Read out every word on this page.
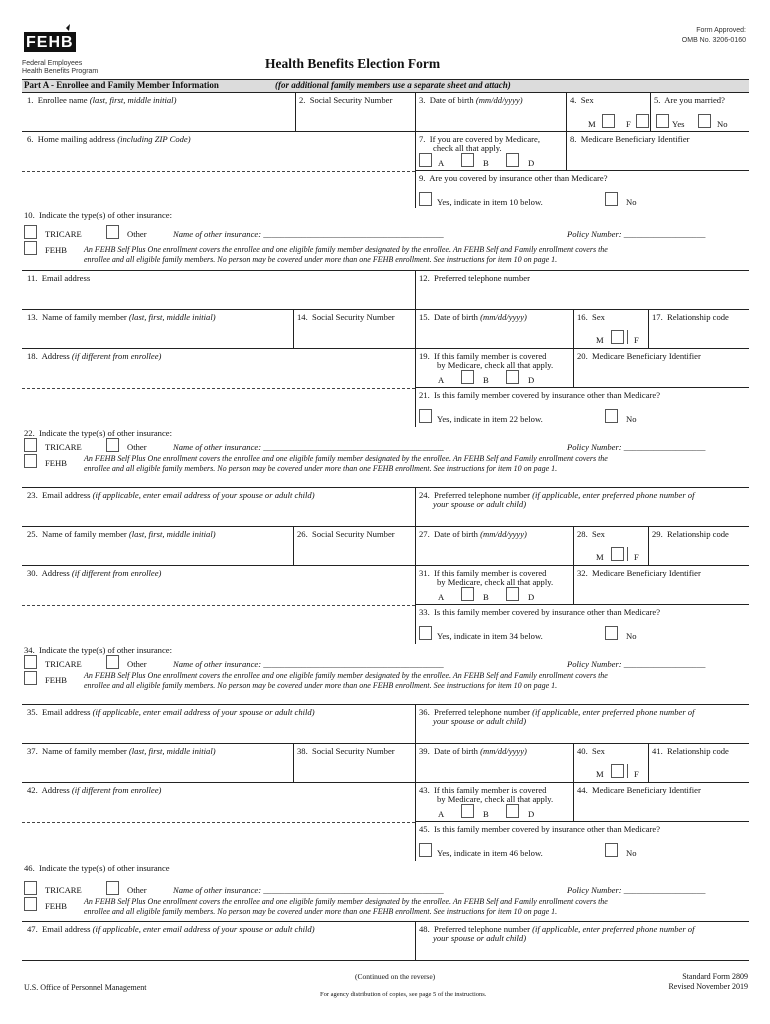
FEHB
Federal Employees
Health Benefits Program
Health Benefits Election Form
Form Approved:
OMB No. 3206-0160
Part A - Enrollee and Family Member Information	(for additional family members use a separate sheet and attach)
1. Enrollee name (last, first, middle initial)	2. Social Security Number	3. Date of birth (mm/dd/yyyy)	4. Sex	5. Are you married?
M	F	Yes	No
6. Home mailing address (including ZIP Code)	7. If you are covered by Medicare,
check all that apply.
A	B	D
8. Medicare Beneficiary Identifier
9. Are you covered by insurance other than Medicare?
Yes, indicate in item 10 below.	No
10. Indicate the type(s) of other insurance:
TRICARE	Other	Name of other insurance: __________________________________________	Policy Number: ___________________
FEHB An FEHB Self Plus One enrollment covers the enrollee and one eligible family member designated by the enrollee. An FEHB Self and Family enrollment covers the
enrollee and all eligible family members. No person may be covered under more than one FEHB enrollment. See instructions for item 10 on page 1.
11. Email address	12. Preferred telephone number
13. Name of family member (last, first, middle initial)	14. Social Security Number	15. Date of birth (mm/dd/yyyy)	16. Sex	17. Relationship code
M	F
18. Address (if different from enrollee)	19. If this family member is covered
by Medicare, check all that apply.
20. Medicare Beneficiary Identifier
A	B	D
21. Is this family member covered by insurance other than Medicare?
Yes, indicate in item 22 below.	No
22. Indicate the type(s) of other insurance:
TRICARE	Other	Name of other insurance: __________________________________________	Policy Number: ___________________
FEHB An FEHB Self Plus One enrollment covers the enrollee and one eligible family member designated by the enrollee. An FEHB Self and Family enrollment covers the
enrollee and all eligible family members. No person may be covered under more than one FEHB enrollment. See instructions for item 10 on page 1.
23. Email address (if applicable, enter email address of your spouse or adult child)	24. Preferred telephone number (if applicable, enter preferred phone number of
your spouse or adult child)
25. Name of family member (last, first, middle initial)	26. Social Security Number	27. Date of birth (mm/dd/yyyy)	28. Sex	29. Relationship code
M	F
30. Address (if different from enrollee)	31. If this family member is covered
by Medicare, check all that apply.
32. Medicare Beneficiary Identifier
A	B	D
33. Is this family member covered by insurance other than Medicare?
Yes, indicate in item 34 below.	No
34. Indicate the type(s) of other insurance:
TRICARE	Other	Name of other insurance: __________________________________________	Policy Number: ___________________
FEHB An FEHB Self Plus One enrollment covers the enrollee and one eligible family member designated by the enrollee. An FEHB Self and Family enrollment covers the
enrollee and all eligible family members. No person may be covered under more than one FEHB enrollment. See instructions for item 10 on page 1.
35. Email address (if applicable, enter email address of your spouse or adult child)	36. Preferred telephone number (if applicable, enter preferred phone number of
your spouse or adult child)
37. Name of family member (last, first, middle initial)	38. Social Security Number	39. Date of birth (mm/dd/yyyy)	40. Sex	41. Relationship code
M	F
42. Address (if different from enrollee)	43. If this family member is covered
by Medicare, check all that apply.
44. Medicare Beneficiary Identifier
A	B	D
45. Is this family member covered by insurance other than Medicare?
Yes, indicate in item 46 below.	No
46. Indicate the type(s) of other insurance
TRICARE	Other	Name of other insurance: __________________________________________	Policy Number: ___________________
FEHB An FEHB Self Plus One enrollment covers the enrollee and one eligible family member designated by the enrollee. An FEHB Self and Family enrollment covers the
enrollee and all eligible family members. No person may be covered under more than one FEHB enrollment. See instructions for item 10 on page 1.
47. Email address (if applicable, enter email address of your spouse or adult child)	48. Preferred telephone number (if applicable, enter preferred phone number of
your spouse or adult child)
U.S. Office of Personnel Management
(Continued on the reverse)
For agency distribution of copies, see page 5 of the instructions.
Standard Form 2809
Revised November 2019
